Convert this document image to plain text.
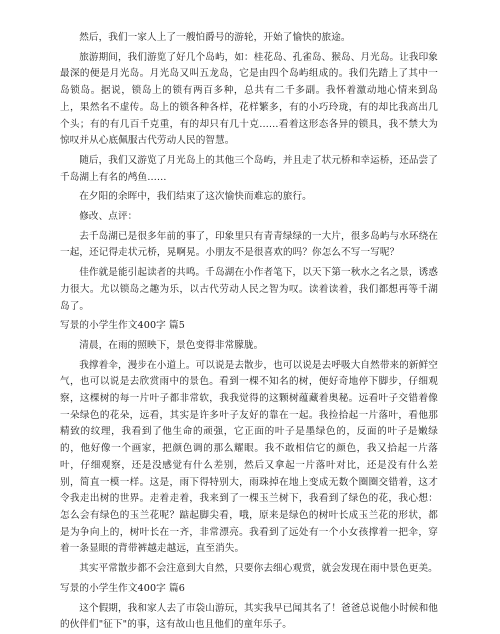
然后，我们一家人上了一艘怕爵号的游轮，开始了愉快的旅途。

旅游期间，我们游览了好几个岛屿，如：桂花岛、孔雀岛、猴岛、月光岛。让我印象最深的便是月光岛。月光岛又叫五龙岛，它是由四个岛屿组成的。我们先踏上了其中一岛锁岛。据说，锁岛上的锁有两百多种，总共有二千多副。我怀着激动地心情来到岛上，果然名不虚传。岛上的锁各种各样，花样繁多，有的小巧玲珑，有的却比我高出几个头；有的有几百千克重，有的却只有几十克……看着这形态各异的锁具，我不禁大为惊叹并从心底佩服古代劳动人民的智慧。

随后，我们又游览了月光岛上的其他三个岛屿，并且走了状元桥和幸运桥，还品尝了千岛湖上有名的鸬鱼……

在夕阳的余晖中，我们结束了这次愉快而难忘的旅行。

修改、点评：

去千岛湖已是很多年前的事了，印象里只有青青绿绿的一大片，很多岛屿与水环绕在一起，还记得走状元桥，晃啊晃。小朋友不是很喜欢的吗？你怎么不写一写呢？

佳作就是能引起读者的共鸣。千岛湖在小作者笔下，以天下第一秋水之名之景，诱惑力很大。尤以锁岛之趣为乐，以古代劳动人民之智为叹。读着读着，我们都想再等千湖岛了。

写景的小学生作文400字 篇5

清晨，在雨的照映下，景色变得非常朦胧。

我撑着伞，漫步在小道上。可以说是去散步，也可以说是去呼吸大自然带来的新鲜空气，也可以说是去欣赏雨中的景色。看到一棵不知名的树，便好奇地停下脚步，仔细观察，这棵树的每一片叶子都非常软，我我觉得的这颗树蕴藏着奥秘。远看叶子交错着像一朵绿色的花朵，远看，其实是许多叶子友好的靠在一起。我捡拾起一片落叶，看他那精致的纹理，我看到了他生命的顽强，它正面的叶子是墨绿色的，反面的叶子是嫩绿的，他好像一个画家，把颜色调的那么耀眼。我不敢相信它的颜色，我又拾起一片落叶，仔细观察，还是没感觉有什么差别，然后又拿起一片落叶对比，还是没有什么差别，简直一模一样。这是，雨下得特别大，雨珠掉在地上变成无数个圈圈交错着，这才令我走出树的世界。走着走着，我来到了一棵玉兰树下，我看到了绿色的花，我心想：怎么会有绿色的玉兰花呢？踮起脚尖看，哦，原来是绿色的树叶长成玉兰花的形状，都是为争向上的，树叶长在一齐，非常漂亮。我看到了远处有一个小女孩撑着一把伞，穿着一条显眼的背带裤越走越远，直至消失。

其实平常散步都不会注意到大自然，只要你去细心观赏，就会发现在雨中景色更美。

写景的小学生作文400字 篇6

这个假期，我和家人去了市袋山游玩，其实我早已闻其名了！爸爸总说他小时候和他的伙伴们"征下"的事，这有故山也且他们的童年乐子。
